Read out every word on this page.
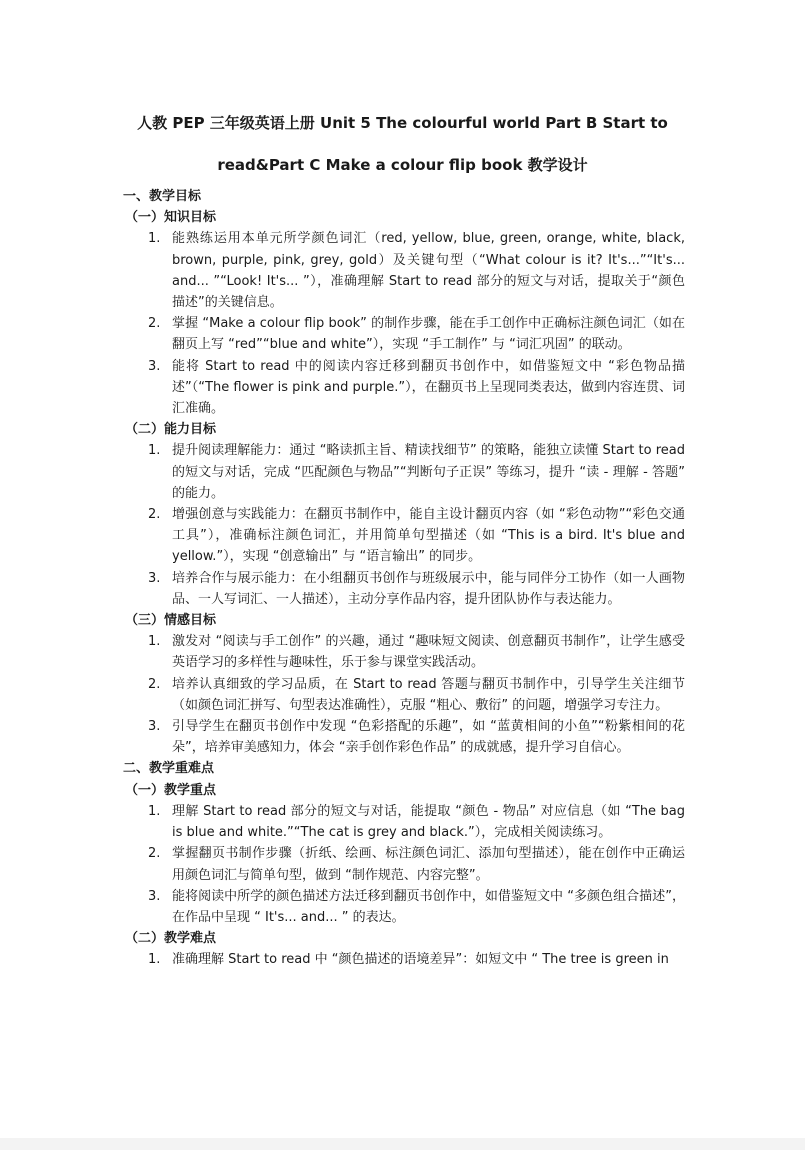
人教 PEP 三年级英语上册 Unit 5 The colourful world Part B Start to
read&Part C Make a colour flip book 教学设计
一、教学目标
（一）知识目标
1. 能熟练运用本单元所学颜色词汇（red, yellow, blue, green, orange, white, black, brown, purple, pink, grey, gold）及关键句型（“What colour is it? It's...”“It's... and... ”“Look! It's... ”），准确理解 Start to read 部分的短文与对话，提取关于“颜色描述”的关键信息。
2. 掌握 “Make a colour flip book” 的制作步骤，能在手工创作中正确标注颜色词汇（如在翻页上写 “red”“blue and white”），实现 “手工制作” 与 “词汇巩固” 的联动。
3. 能将 Start to read 中的阅读内容迁移到翻页书创作中，如借鉴短文中 “彩色物品描述”（“The flower is pink and purple.”），在翻页书上呈现同类表达，做到内容连贯、词汇准确。
（二）能力目标
1. 提升阅读理解能力：通过 “略读抓主旨、精读找细节” 的策略，能独立读懂 Start to read 的短文与对话，完成 “匹配颜色与物品”“判断句子正误” 等练习，提升 “读 - 理解 - 答题” 的能力。
2. 增强创意与实践能力：在翻页书制作中，能自主设计翻页内容（如 “彩色动物”“彩色交通工具”），准确标注颜色词汇，并用简单句型描述（如 “This is a bird. It's blue and yellow.”），实现 “创意输出” 与 “语言输出” 的同步。
3. 培养合作与展示能力：在小组翻页书创作与班级展示中，能与同伴分工协作（如一人画物品、一人写词汇、一人描述），主动分享作品内容，提升团队协作与表达能力。
（三）情感目标
1. 激发对 “阅读与手工创作” 的兴趣，通过 “趣味短文阅读、创意翻页书制作”，让学生感受英语学习的多样性与趣味性，乐于参与课堂实践活动。
2. 培养认真细致的学习品质，在 Start to read 答题与翻页书制作中，引导学生关注细节（如颜色词汇拼写、句型表达准确性），克服 “粗心、敷衍” 的问题，增强学习专注力。
3. 引导学生在翻页书创作中发现 “色彩搭配的乐趣”，如 “蓝黄相间的小鱼”“粉紫相间的花朵”，培养审美感知力，体会 “亲手创作彩色作品” 的成就感，提升学习自信心。
二、教学重难点
（一）教学重点
1. 理解 Start to read 部分的短文与对话，能提取 “颜色 - 物品” 对应信息（如 “The bag is blue and white.”“The cat is grey and black.”），完成相关阅读练习。
2. 掌握翻页书制作步骤（折纸、绘画、标注颜色词汇、添加句型描述），能在创作中正确运用颜色词汇与简单句型，做到 “制作规范、内容完整”。
3. 能将阅读中所学的颜色描述方法迁移到翻页书创作中，如借鉴短文中 “多颜色组合描述”，在作品中呈现 “ It's... and... ” 的表达。
（二）教学难点
1. 准确理解 Start to read 中 “颜色描述的语境差异”：如短文中 “ The tree is green in
